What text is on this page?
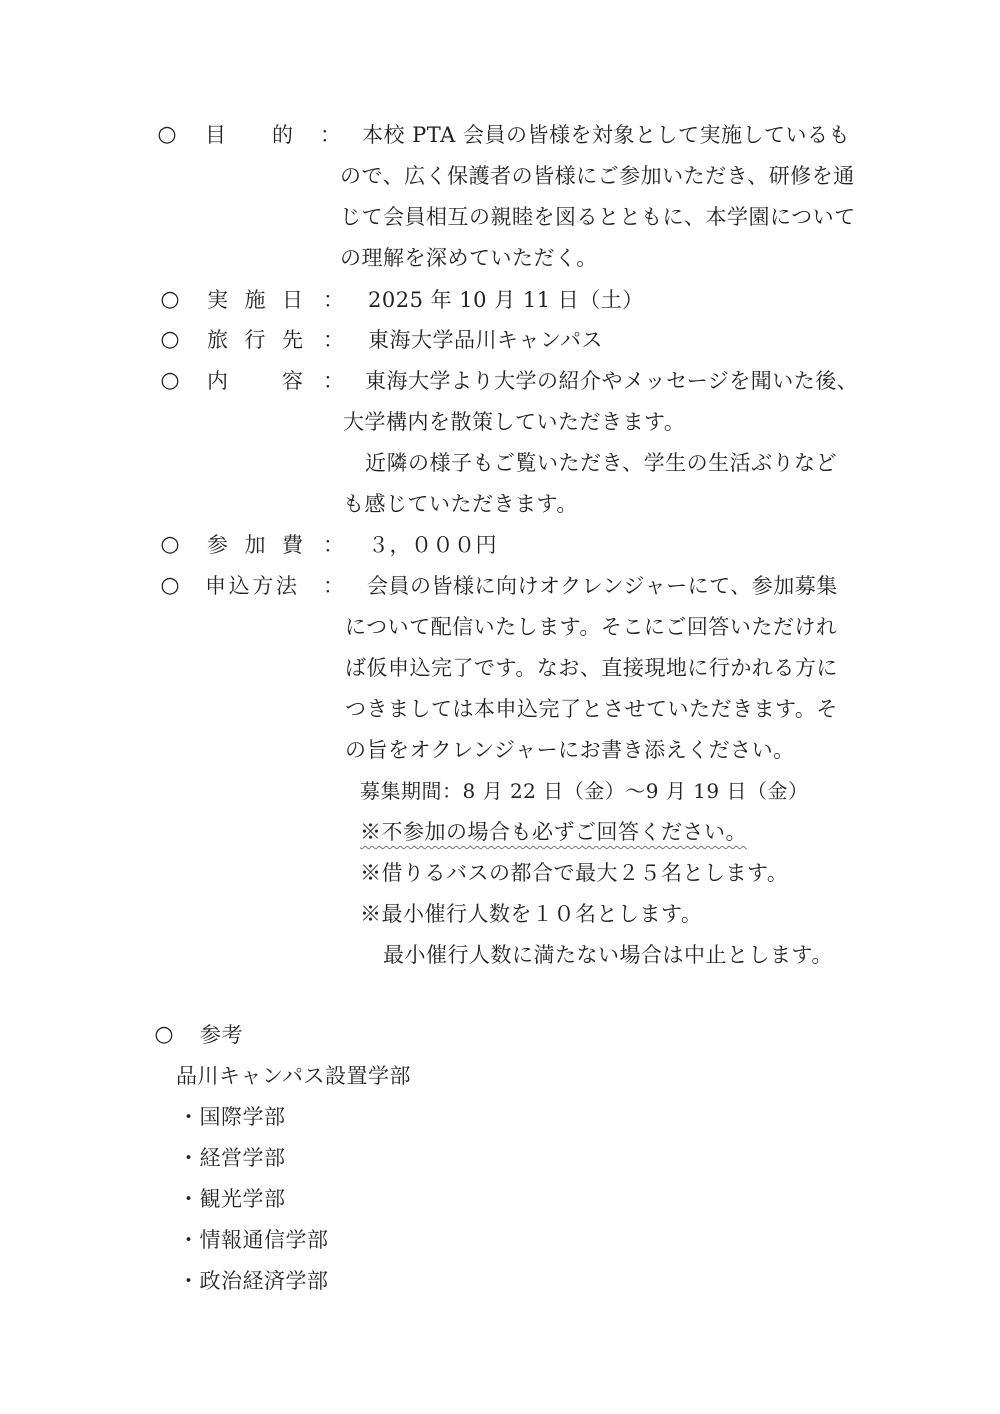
○ 目 的 ： 本校 PTA 会員の皆様を対象として実施しているも
ので、広く保護者の皆様にご参加いただき、研修を通
じて会員相互の親睦を図るとともに、本学園について
の理解を深めていただく。
○ 実 施 日 ： 2025 年 10 月 11 日（土）
○ 旅 行 先 ： 東海大学品川キャンパス
○ 内	容 ： 東海大学より大学の紹介やメッセージを聞いた後、
大学構内を散策していただきます。
近隣の様子もご覧いただき、学生の生活ぶりなど
も感じていただきます。
○ 参 加 費 ： ３，０００円
○ 申 込 方 法 ： 会員の皆様に向けオクレンジャーにて、参加募集
について配信いたします。そこにご回答いただけれ
ば仮申込完了です。なお、直接現地に行かれる方に
つきましては本申込完了とさせていただきます。そ
の旨をオクレンジャーにお書き添えください。
募集期間：8 月 22 日（金）〜9 月 19 日（金）
※不参加の場合も必ずご回答ください。
※借りるバスの都合で最大２５名とします。
※最小催行人数を１０名とします。
最小催行人数に満たない場合は中止とします。
○ 参考
品川キャンパス設置学部
・国際学部
・経営学部
・観光学部
・情報通信学部
・政治経済学部
